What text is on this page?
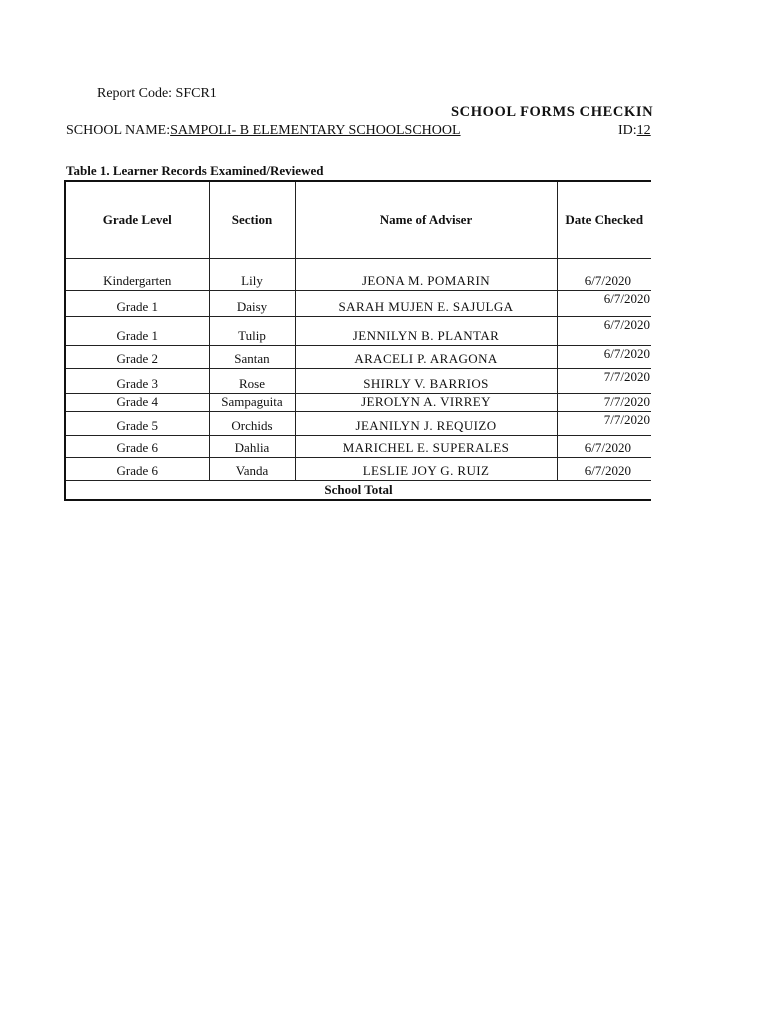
Report Code: SFCR1
SCHOOL FORMS CHECKIN
SCHOOL NAME:SAMPOLI- B ELEMENTARY SCHOOLSCHOOL	ID:12
Table 1. Learner Records Examined/Reviewed
Grade Level	Section	Name of Adviser	Date Checked
Kindergarten	Lily	JEONA M. POMARIN	6/7/2020
Grade 1	Daisy	SARAH MUJEN E. SAJULGA	6/7/2020
Grade 1	Tulip	JENNILYN B. PLANTAR	6/7/2020
Grade 2	Santan	ARACELI P. ARAGONA	6/7/2020
Grade 3	Rose	SHIRLY V. BARRIOS	7/7/2020
Grade 4	Sampaguita	JEROLYN A. VIRREY	7/7/2020
Grade 5	Orchids	JEANILYN J. REQUIZO	7/7/2020
Grade 6	Dahlia	MARICHEL E. SUPERALES	6/7/2020
Grade 6	Vanda	LESLIE JOY G. RUIZ	6/7/2020
School Total			
